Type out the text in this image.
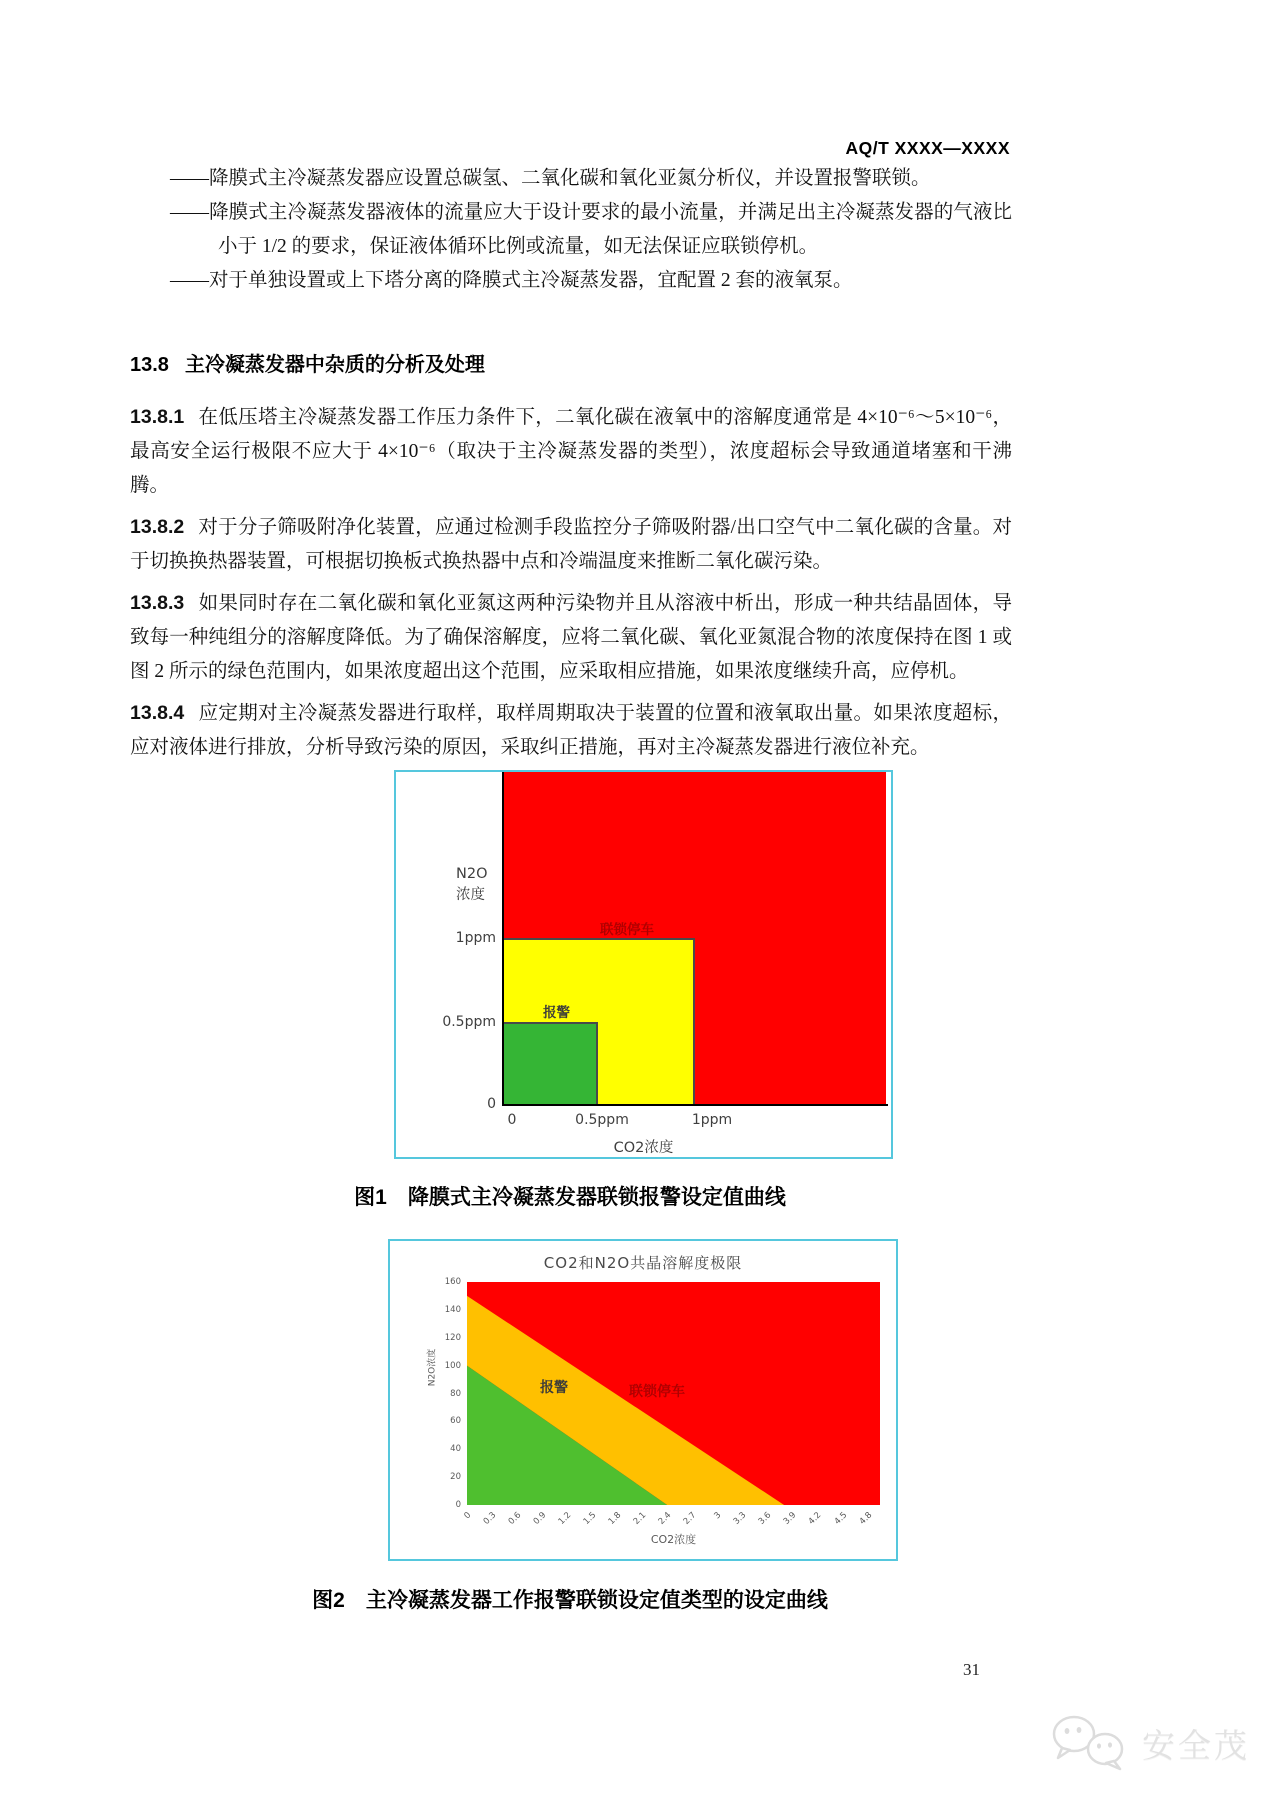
AQ/T XXXX—XXXX
——降膜式主冷凝蒸发器应设置总碳氢、二氧化碳和氧化亚氮分析仪，并设置报警联锁。
——降膜式主冷凝蒸发器液体的流量应大于设计要求的最小流量，并满足出主冷凝蒸发器的气液比小于 1/2 的要求，保证液体循环比例或流量，如无法保证应联锁停机。
——对于单独设置或上下塔分离的降膜式主冷凝蒸发器，宜配置 2 套的液氧泵。
13.8 主冷凝蒸发器中杂质的分析及处理

13.8.1 在低压塔主冷凝蒸发器工作压力条件下，二氧化碳在液氧中的溶解度通常是 4×10⁻⁶～5×10⁻⁶，最高安全运行极限不应大于 4×10⁻⁶（取决于主冷凝蒸发器的类型），浓度超标会导致通道堵塞和干沸腾。

13.8.2 对于分子筛吸附净化装置，应通过检测手段监控分子筛吸附器/出口空气中二氧化碳的含量。对于切换换热器装置，可根据切换板式换热器中点和冷端温度来推断二氧化碳污染。

13.8.3 如果同时存在二氧化碳和氧化亚氮这两种污染物并且从溶液中析出，形成一种共结晶固体，导致每一种纯组分的溶解度降低。为了确保溶解度，应将二氧化碳、氧化亚氮混合物的浓度保持在图 1 或图 2 所示的绿色范围内，如果浓度超出这个范围，应采取相应措施，如果浓度继续升高，应停机。

13.8.4 应定期对主冷凝蒸发器进行取样，取样周期取决于装置的位置和液氧取出量。如果浓度超标，应对液体进行排放，分析导致污染的原因，采取纠正措施，再对主冷凝蒸发器进行液位补充。

联锁停车
报警
N2O
浓度
1ppm
0.5ppm
0
0	0.5ppm	1ppm
CO2浓度
图1　降膜式主冷凝蒸发器联锁报警设定值曲线
CO2和N2O共晶溶解度极限
报警	联锁停车
N2O浓度
0
20
40
60
80
100
120
140
160
0 0.3 0.6 0.9 1.2 1.5 1.8 2.1 2.4 2.7	3 3.3 3.6 3.9 4.2 4.5 4.8
CO2浓度
图2　主冷凝蒸发器工作报警联锁设定值类型的设定曲线
31
安全茂
